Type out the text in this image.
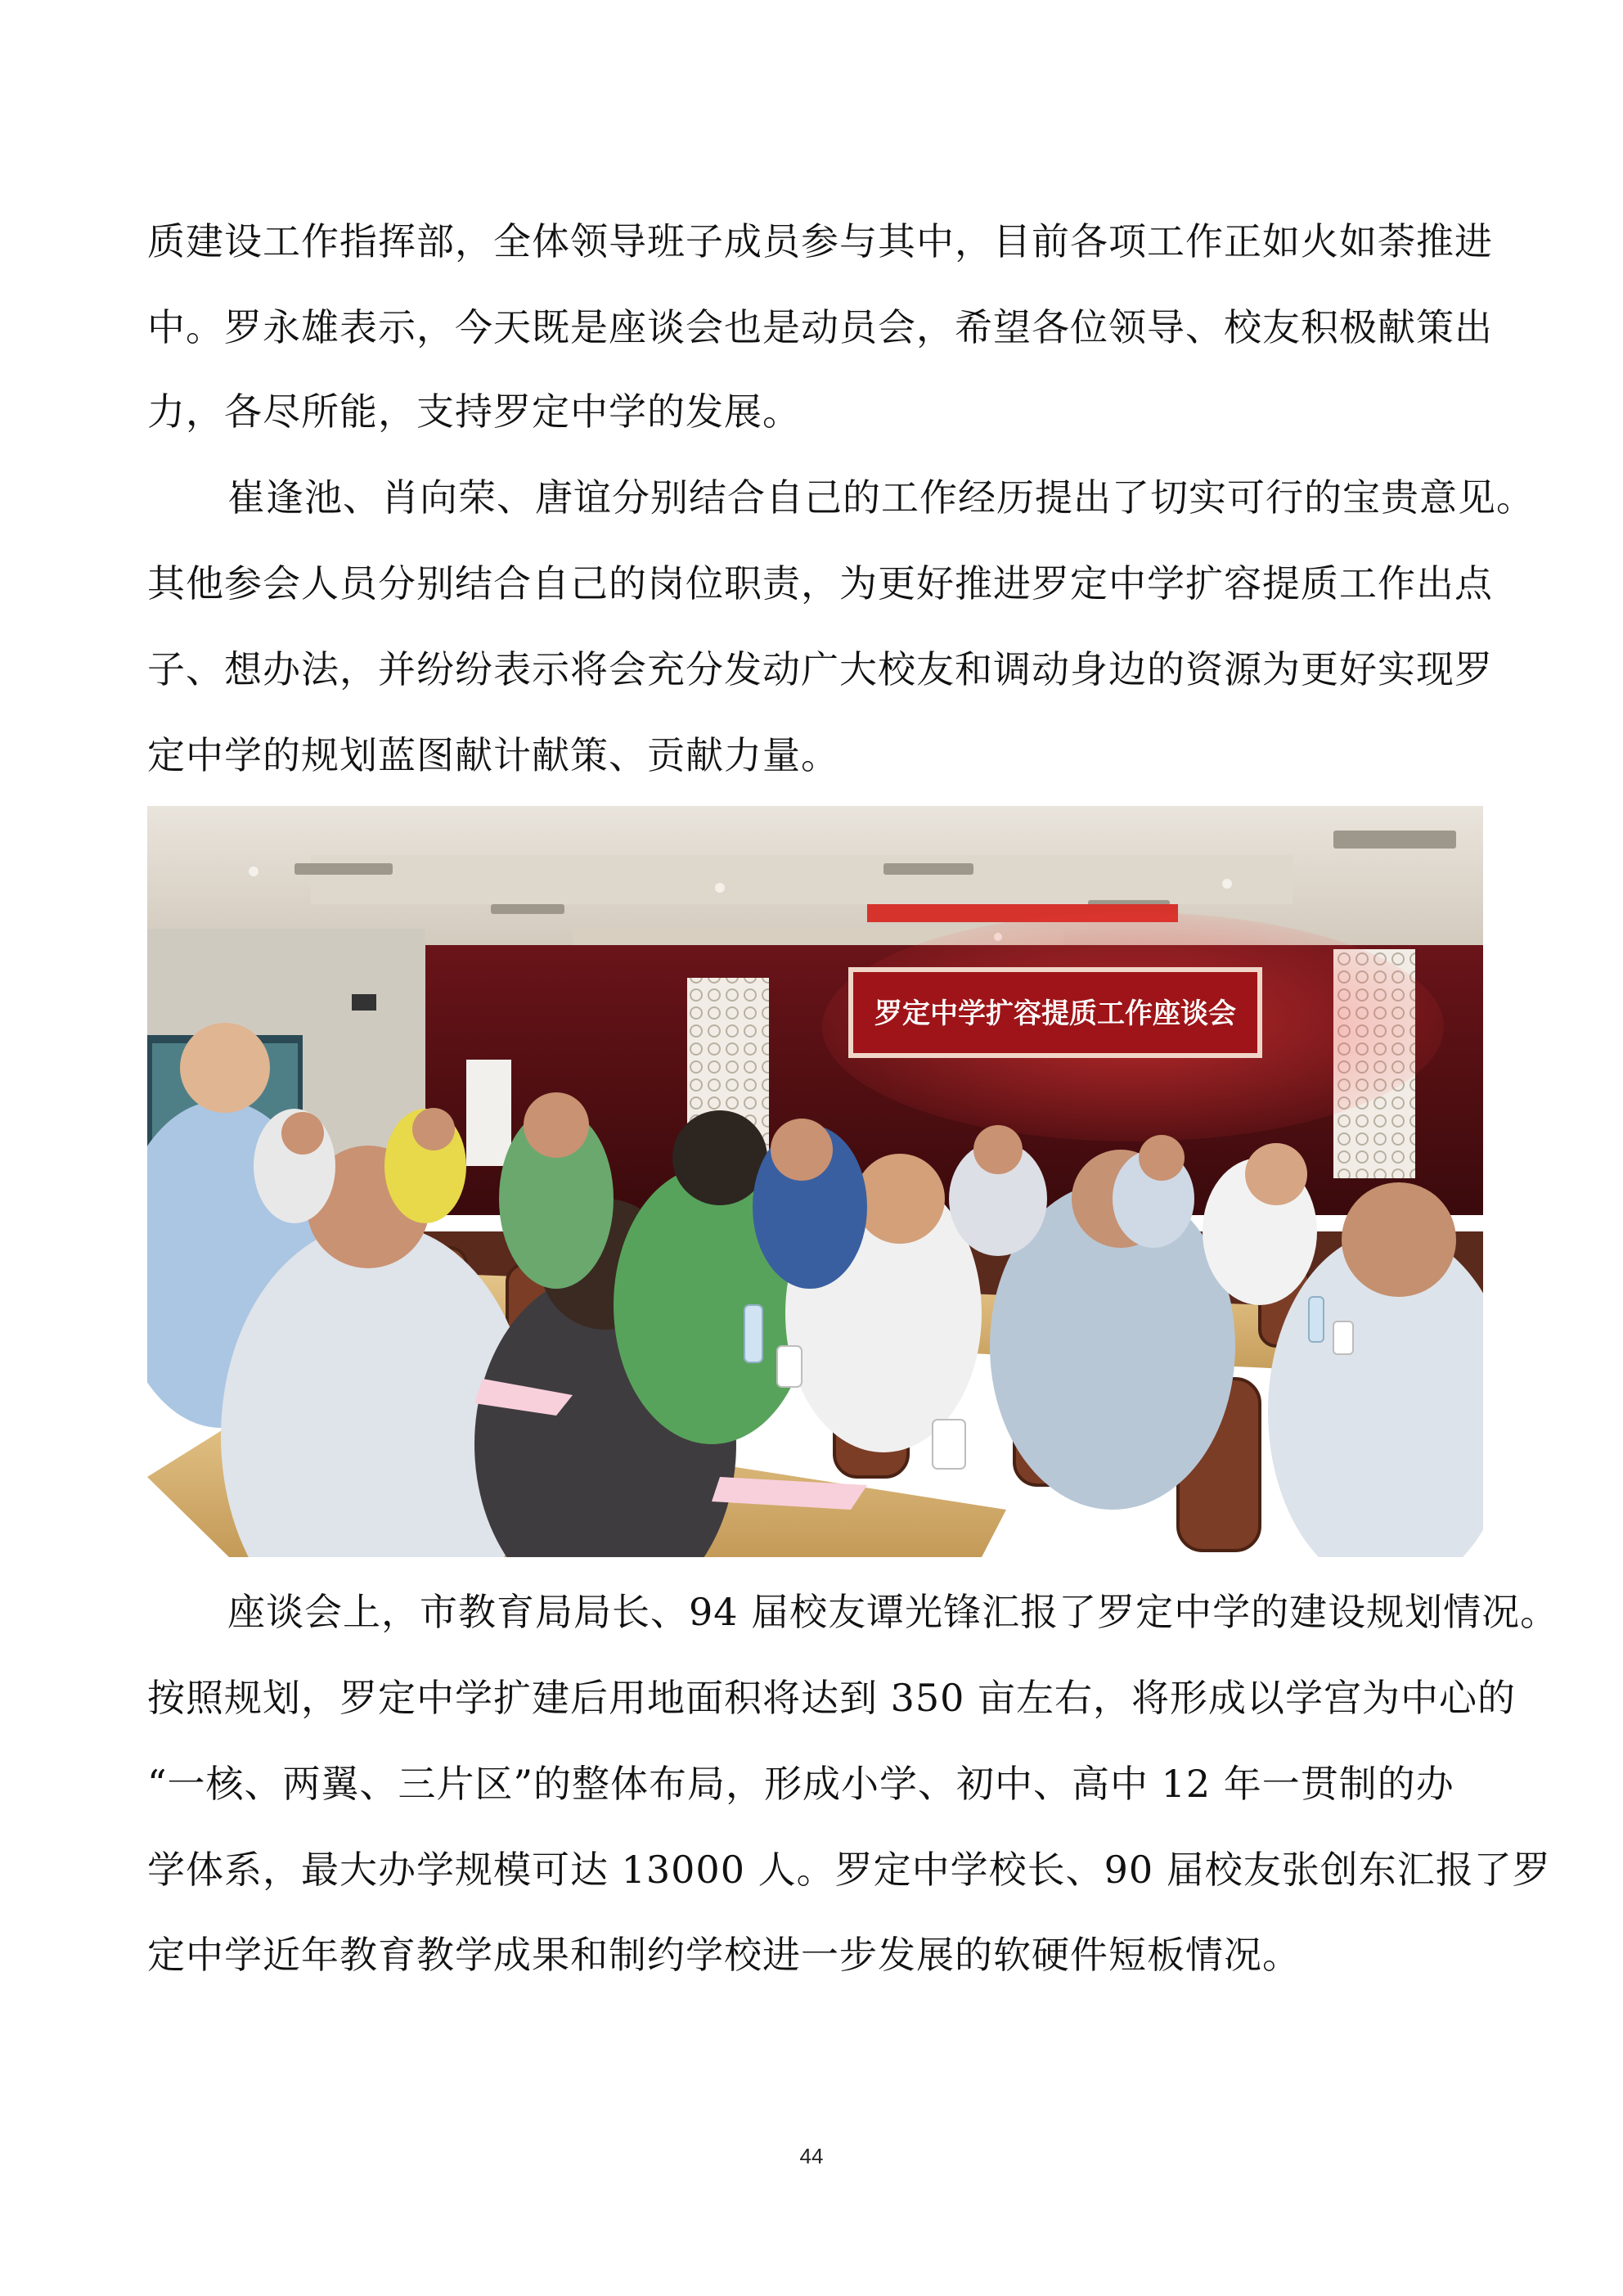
质建设工作指挥部，全体领导班子成员参与其中，目前各项工作正如火如荼推进
中。罗永雄表示，今天既是座谈会也是动员会，希望各位领导、校友积极献策出
力，各尽所能，支持罗定中学的发展。
崔逢池、肖向荣、唐谊分别结合自己的工作经历提出了切实可行的宝贵意见。
其他参会人员分别结合自己的岗位职责，为更好推进罗定中学扩容提质工作出点
子、想办法，并纷纷表示将会充分发动广大校友和调动身边的资源为更好实现罗
定中学的规划蓝图献计献策、贡献力量。
罗定中学扩容提质工作座谈会
座谈会上，市教育局局长、94 届校友谭光锋汇报了罗定中学的建设规划情况。
按照规划，罗定中学扩建后用地面积将达到 350 亩左右，将形成以学宫为中心的
“一核、两翼、三片区”的整体布局，形成小学、初中、高中 12 年一贯制的办
学体系，最大办学规模可达 13000 人。罗定中学校长、90 届校友张创东汇报了罗
定中学近年教育教学成果和制约学校进一步发展的软硬件短板情况。
44
